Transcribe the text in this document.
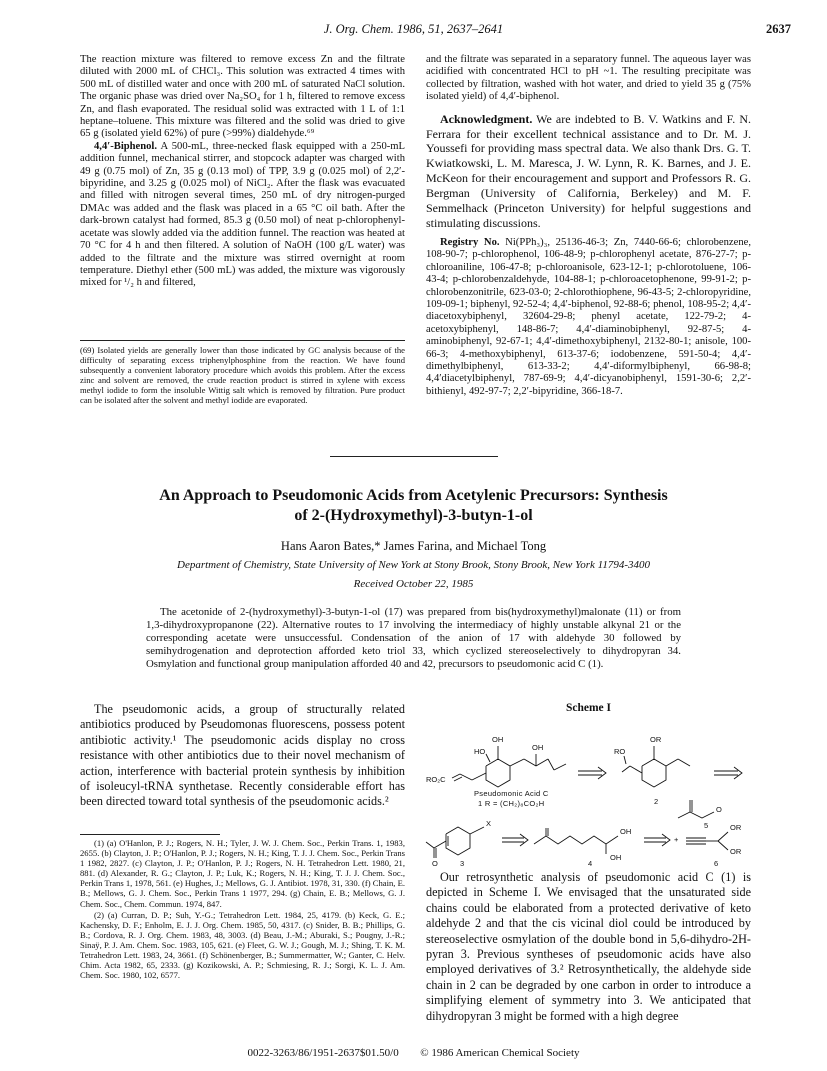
J. Org. Chem. 1986, 51, 2637–2641	2637

The reaction mixture was filtered to remove excess Zn and the filtrate diluted with 2000 mL of CHCl₃. This solution was extracted 4 times with 500 mL of distilled water and once with 200 mL of saturated NaCl solution. The organic phase was dried over Na₂SO₄ for 1 h, filtered to remove excess Zn, and flash evaporated. The residual solid was extracted with 1 L of 1:1 heptane–toluene. This mixture was filtered and the solid was dried to give 65 g (isolated yield 62%) of pure (>99%) dialdehyde.⁶⁹

4,4′-Biphenol. A 500-mL, three-necked flask equipped with a 250-mL addition funnel, mechanical stirrer, and stopcock adapter was charged with 49 g (0.75 mol) of Zn, 35 g (0.13 mol) of TPP, 3.9 g (0.025 mol) of 2,2′-bipyridine, and 3.25 g (0.025 mol) of NiCl₂. After the flask was evacuated and filled with nitrogen several times, 250 mL of dry nitrogen-purged DMAc was added and the flask was placed in a 65 °C oil bath. After the dark-brown catalyst had formed, 85.3 g (0.50 mol) of neat p-chlorophenyl-acetate was slowly added via the addition funnel. The reaction was heated at 70 °C for 4 h and then filtered. A solution of NaOH (100 g/L water) was added to the filtrate and the mixture was stirred overnight at room temperature. Diethyl ether (500 mL) was added, the mixture was vigorously mixed for ¹/₂ h and filtered,

(69) Isolated yields are generally lower than those indicated by GC analysis because of the difficulty of separating excess triphenylphosphine from the reaction. We have found subsequently a convenient laboratory procedure which avoids this problem. After the excess zinc and solvent are removed, the crude reaction product is stirred in xylene with excess methyl iodide to form the insoluble Wittig salt which is removed by filtration. Pure product can be isolated after the solvent and methyl iodide are evaporated.

and the filtrate was separated in a separatory funnel. The aqueous layer was acidified with concentrated HCl to pH ~1. The resulting precipitate was collected by filtration, washed with hot water, and dried to yield 35 g (75% isolated yield) of 4,4′-biphenol.

Acknowledgment. We are indebted to B. V. Watkins and F. N. Ferrara for their excellent technical assistance and to Dr. M. J. Youssefi for providing mass spectral data. We also thank Drs. G. T. Kwiatkowski, L. M. Maresca, J. W. Lynn, R. K. Barnes, and J. E. McKeon for their encouragement and support and Professors R. G. Bergman (University of California, Berkeley) and M. F. Semmelhack (Princeton University) for helpful suggestions and stimulating discussions.

Registry No. Ni(PPh₃)₃, 25136-46-3; Zn, 7440-66-6; chlorobenzene, 108-90-7; p-chlorophenol, 106-48-9; p-chlorophenyl acetate, 876-27-7; p-chloroaniline, 106-47-8; p-chloroanisole, 623-12-1; p-chlorotoluene, 106-43-4; p-chlorobenzaldehyde, 104-88-1; p-chloroacetophenone, 99-91-2; p-chlorobenzonitrile, 623-03-0; 2-chlorothiophene, 96-43-5; 2-chloropyridine, 109-09-1; biphenyl, 92-52-4; 4,4′-biphenol, 92-88-6; phenol, 108-95-2; 4,4′-diacetoxybiphenyl, 32604-29-8; phenyl acetate, 122-79-2; 4-acetoxybiphenyl, 148-86-7; 4,4′-diaminobiphenyl, 92-87-5; 4-aminobiphenyl, 92-67-1; 4,4′-dimethoxybiphenyl, 2132-80-1; anisole, 100-66-3; 4-methoxybiphenyl, 613-37-6; iodobenzene, 591-50-4; 4,4′-dimethylbiphenyl, 613-33-2; 4,4′-diformylbiphenyl, 66-98-8; 4,4′diacetylbiphenyl, 787-69-9; 4,4′-dicyanobiphenyl, 1591-30-6; 2,2′-bithienyl, 492-97-7; 2,2′-bipyridine, 366-18-7.

An Approach to Pseudomonic Acids from Acetylenic Precursors: Synthesis
of 2-(Hydroxymethyl)-3-butyn-1-ol
Hans Aaron Bates,* James Farina, and Michael Tong
Department of Chemistry, State University of New York at Stony Brook, Stony Brook, New York 11794-3400
Received October 22, 1985
The acetonide of 2-(hydroxymethyl)-3-butyn-1-ol (17) was prepared from bis(hydroxymethyl)malonate (11) or from 1,3-dihydroxypropanone (22). Alternative routes to 17 involving the intermediacy of highly unstable alkynal 21 or the corresponding acetate were unsuccessful. Condensation of the anion of 17 with aldehyde 30 followed by semihydrogenation and deprotection afforded keto triol 33, which cyclized stereoselectively to dihydropyran 34. Osmylation and functional group manipulation afforded 40 and 42, precursors to pseudomonic acid C (1).

The pseudomonic acids, a group of structurally related antibiotics produced by Pseudomonas fluorescens, possess potent antibiotic activity.¹ The pseudomonic acids display no cross resistance with other antibiotics due to their novel mechanism of action, interference with bacterial protein synthesis by inhibition of isoleucyl-tRNA synthetase. Recently considerable effort has been directed toward total synthesis of the pseudomonic acids.²

(1) (a) O'Hanlon, P. J.; Rogers, N. H.; Tyler, J. W. J. Chem. Soc., Perkin Trans. 1, 1983, 2655. (b) Clayton, J. P.; O'Hanlon, P. J.; Rogers, N. H.; King, T. J. J. Chem. Soc., Perkin Trans 1 1982, 2827. (c) Clayton, J. P.; O'Hanlon, P. J.; Rogers, N. H. Tetrahedron Lett. 1980, 21, 881. (d) Alexander, R. G.; Clayton, J. P.; Luk, K.; Rogers, N. H.; King, T. J. J. Chem. Soc., Perkin Trans 1, 1978, 561. (e) Hughes, J.; Mellows, G. J. Antibiot. 1978, 31, 330. (f) Chain, E. B.; Mellows, G. J. Chem. Soc., Perkin Trans 1 1977, 294. (g) Chain, E. B.; Mellows, G. J. Chem. Soc., Chem. Commun. 1974, 847.

(2) (a) Curran, D. P.; Suh, Y.-G.; Tetrahedron Lett. 1984, 25, 4179. (b) Keck, G. E.; Kachensky, D. F.; Enholm, E. J. J. Org. Chem. 1985, 50, 4317. (c) Snider, B. B.; Phillips, G. B.; Cordova, R. J. Org. Chem. 1983, 48, 3003. (d) Beau, J.-M.; Aburaki, S.; Pougny, J.-R.; Sinaÿ, P. J. Am. Chem. Soc. 1983, 105, 621. (e) Fleet, G. W. J.; Gough, M. J.; Shing, T. K. M. Tetrahedron Lett. 1983, 24, 3661. (f) Schönenberger, B.; Summermatter, W.; Ganter, C. Helv. Chim. Acta 1982, 65, 2333. (g) Kozikowski, A. P.; Schmiesing, R. J.; Sorgi, K. L. J. Am. Chem. Soc. 1980, 102, 6577.

Scheme I
OH
OH
HO
RO₂C
OR
RO
2
O
X
3
OH
OH
4
O
5	OR
OR
6
+
Pseudomonic Acid C
1 R = (CH₂)₈CO₂H

Our retrosynthetic analysis of pseudomonic acid C (1) is depicted in Scheme I. We envisaged that the unsaturated side chains could be elaborated from a protected derivative of keto aldehyde 2 and that the cis vicinal diol could be introduced by stereoselective osmylation of the double bond in 5,6-dihydro-2H-pyran 3. Previous syntheses of pseudomonic acids have also employed derivatives of 3.² Retrosynthetically, the aldehyde side chain in 2 can be degraded by one carbon in order to introduce a simplifying element of symmetry into 3. We anticipated that dihydropyran 3 might be formed with a high degree

0022-3263/86/1951-2637$01.50/0 © 1986 American Chemical Society
